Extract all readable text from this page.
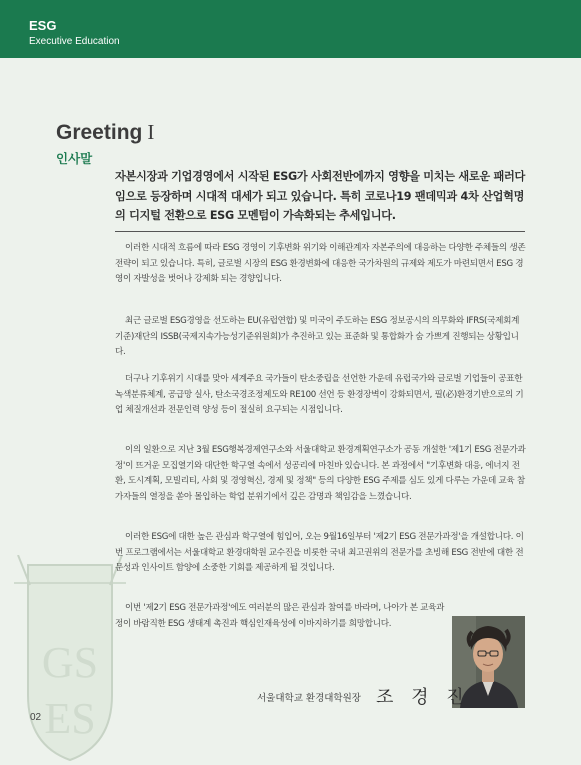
ESG
Executive Education
GS
ES
Greeting I
인사말
자본시장과 기업경영에서 시작된 ESG가 사회전반에까지 영향을 미치는 새로운 패러다임으로 등장하며 시대적 대세가 되고 있습니다. 특히 코로나19 팬데믹과 4차 산업혁명의 디지털 전환으로 ESG 모멘텀이 가속화되는 추세입니다.

이러한 시대적 흐름에 따라 ESG 경영이 기후변화 위기와 이해관계자 자본주의에 대응하는 다양한 주체들의 생존전략이 되고 있습니다. 특히, 글로벌 시장의 ESG 환경변화에 대응한 국가차원의 규제와 제도가 마련되면서 ESG 경영이 자발성을 벗어나 강제화 되는 경향입니다.

최근 글로벌 ESG경영을 선도하는 EU(유럽연합) 및 미국이 주도하는 ESG 정보공시의 의무화와 IFRS(국제회계기준)재단의 ISSB(국제지속가능성기준위원회)가 추진하고 있는 표준화 및 통합화가 숨 가쁘게 진행되는 상황입니다.

더구나 기후위기 시대를 맞아 세계주요 국가들이 탄소중립을 선언한 가운데 유럽국가와 글로벌 기업들이 공표한 녹색분류체계, 공급망 실사, 탄소국경조정제도와 RE100 선언 등 환경장벽이 강화되면서, 필(必)환경기반으로의 기업 체질개선과 전문인력 양성 등이 절실히 요구되는 시점입니다.

이의 일환으로 지난 3월 ESG행복경제연구소와 서울대학교 환경계획연구소가 공동 개설한 '제1기 ESG 전문가과정'이 뜨거운 모집열기와 대단한 학구열 속에서 성공리에 마친바 있습니다. 본 과정에서 "기후변화 대응, 에너지 전환, 도시계획, 모빌리티, 사회 및 경영혁신, 경제 및 정책" 등의 다양한 ESG 주제를 심도 있게 다루는 가운데 교육 참가자들의 열정을 쏟아 몰입하는 학업 분위기에서 깊은 감명과 책임감을 느꼈습니다.

이러한 ESG에 대한 높은 관심과 학구열에 힘입어, 오는 9월16일부터 '제2기 ESG 전문가과정'을 개설합니다. 이번 프로그램에서는 서울대학교 환경대학원 교수진을 비롯한 국내 최고권위의 전문가를 초빙해 ESG 전반에 대한 전문성과 인사이트 함양에 소중한 기회를 제공하게 될 것입니다.

이번 '제2기 ESG 전문가과정'에도 여러분의 많은 관심과 참여를 바라며, 나아가 본 교육과정이 바람직한 ESG 생태계 촉진과 핵심인재육성에 이바지하기를 희망합니다.

서울대학교 환경대학원장 조 경 진
02
